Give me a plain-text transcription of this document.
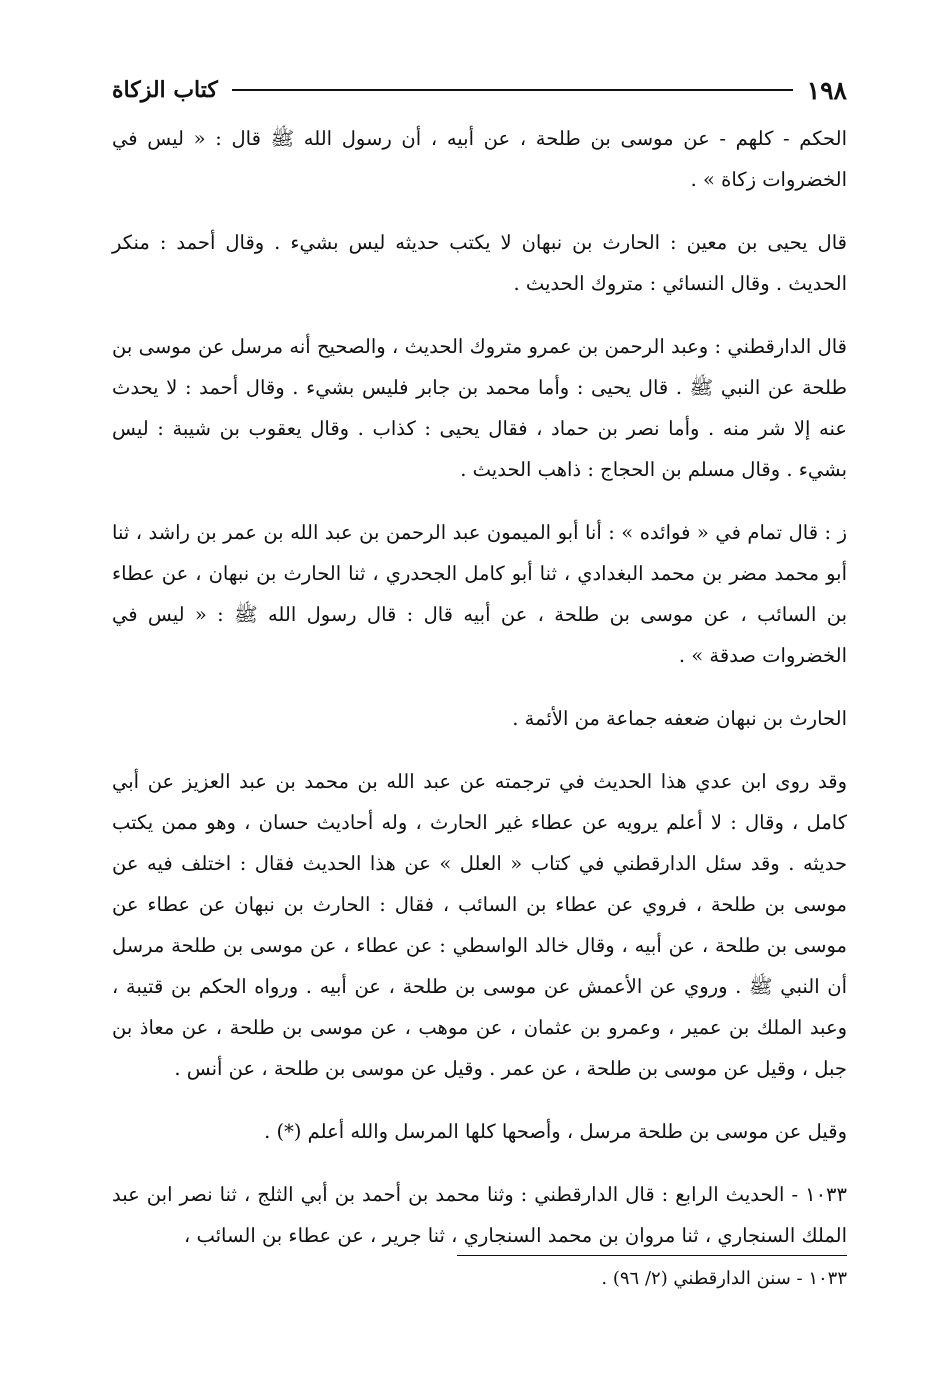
١٩٨
كتاب الزكاة

الحكم - كلهم - عن موسى بن طلحة ، عن أبيه ، أن رسول الله ﷺ قال : « ليس في الخضروات زكاة » .

قال يحيى بن معين : الحارث بن نبهان لا يكتب حديثه ليس بشيء . وقال أحمد : منكر الحديث . وقال النسائي : متروك الحديث .

قال الدارقطني : وعبد الرحمن بن عمرو متروك الحديث ، والصحيح أنه مرسل عن موسى بن طلحة عن النبي ﷺ . قال يحيى : وأما محمد بن جابر فليس بشيء . وقال أحمد : لا يحدث عنه إلا شر منه . وأما نصر بن حماد ، فقال يحيى : كذاب . وقال يعقوب بن شيبة : ليس بشيء . وقال مسلم بن الحجاج : ذاهب الحديث .

ز : قال تمام في « فوائده » : أنا أبو الميمون عبد الرحمن بن عبد الله بن عمر بن راشد ، ثنا أبو محمد مضر بن محمد البغدادي ، ثنا أبو كامل الجحدري ، ثنا الحارث بن نبهان ، عن عطاء بن السائب ، عن موسى بن طلحة ، عن أبيه قال : قال رسول الله ﷺ : « ليس في الخضروات صدقة » .

الحارث بن نبهان ضعفه جماعة من الأئمة .

وقد روى ابن عدي هذا الحديث في ترجمته عن عبد الله بن محمد بن عبد العزيز عن أبي كامل ، وقال : لا أعلم يرويه عن عطاء غير الحارث ، وله أحاديث حسان ، وهو ممن يكتب حديثه . وقد سئل الدارقطني في كتاب « العلل » عن هذا الحديث فقال : اختلف فيه عن موسى بن طلحة ، فروي عن عطاء بن السائب ، فقال : الحارث بن نبهان عن عطاء عن موسى بن طلحة ، عن أبيه ، وقال خالد الواسطي : عن عطاء ، عن موسى بن طلحة مرسل أن النبي ﷺ . وروي عن الأعمش عن موسى بن طلحة ، عن أبيه . ورواه الحكم بن قتيبة ، وعبد الملك بن عمير ، وعمرو بن عثمان ، عن موهب ، عن موسى بن طلحة ، عن معاذ بن جبل ، وقيل عن موسى بن طلحة ، عن عمر . وقيل عن موسى بن طلحة ، عن أنس .

وقيل عن موسى بن طلحة مرسل ، وأصحها كلها المرسل والله أعلم (*) .

١٠٣٣ - الحديث الرابع : قال الدارقطني : وثنا محمد بن أحمد بن أبي الثلج ، ثنا نصر ابن عبد الملك السنجاري ، ثنا مروان بن محمد السنجاري ، ثنا جرير ، عن عطاء بن السائب ،

١٠٣٣ - سنن الدارقطني (٢/ ٩٦) .
